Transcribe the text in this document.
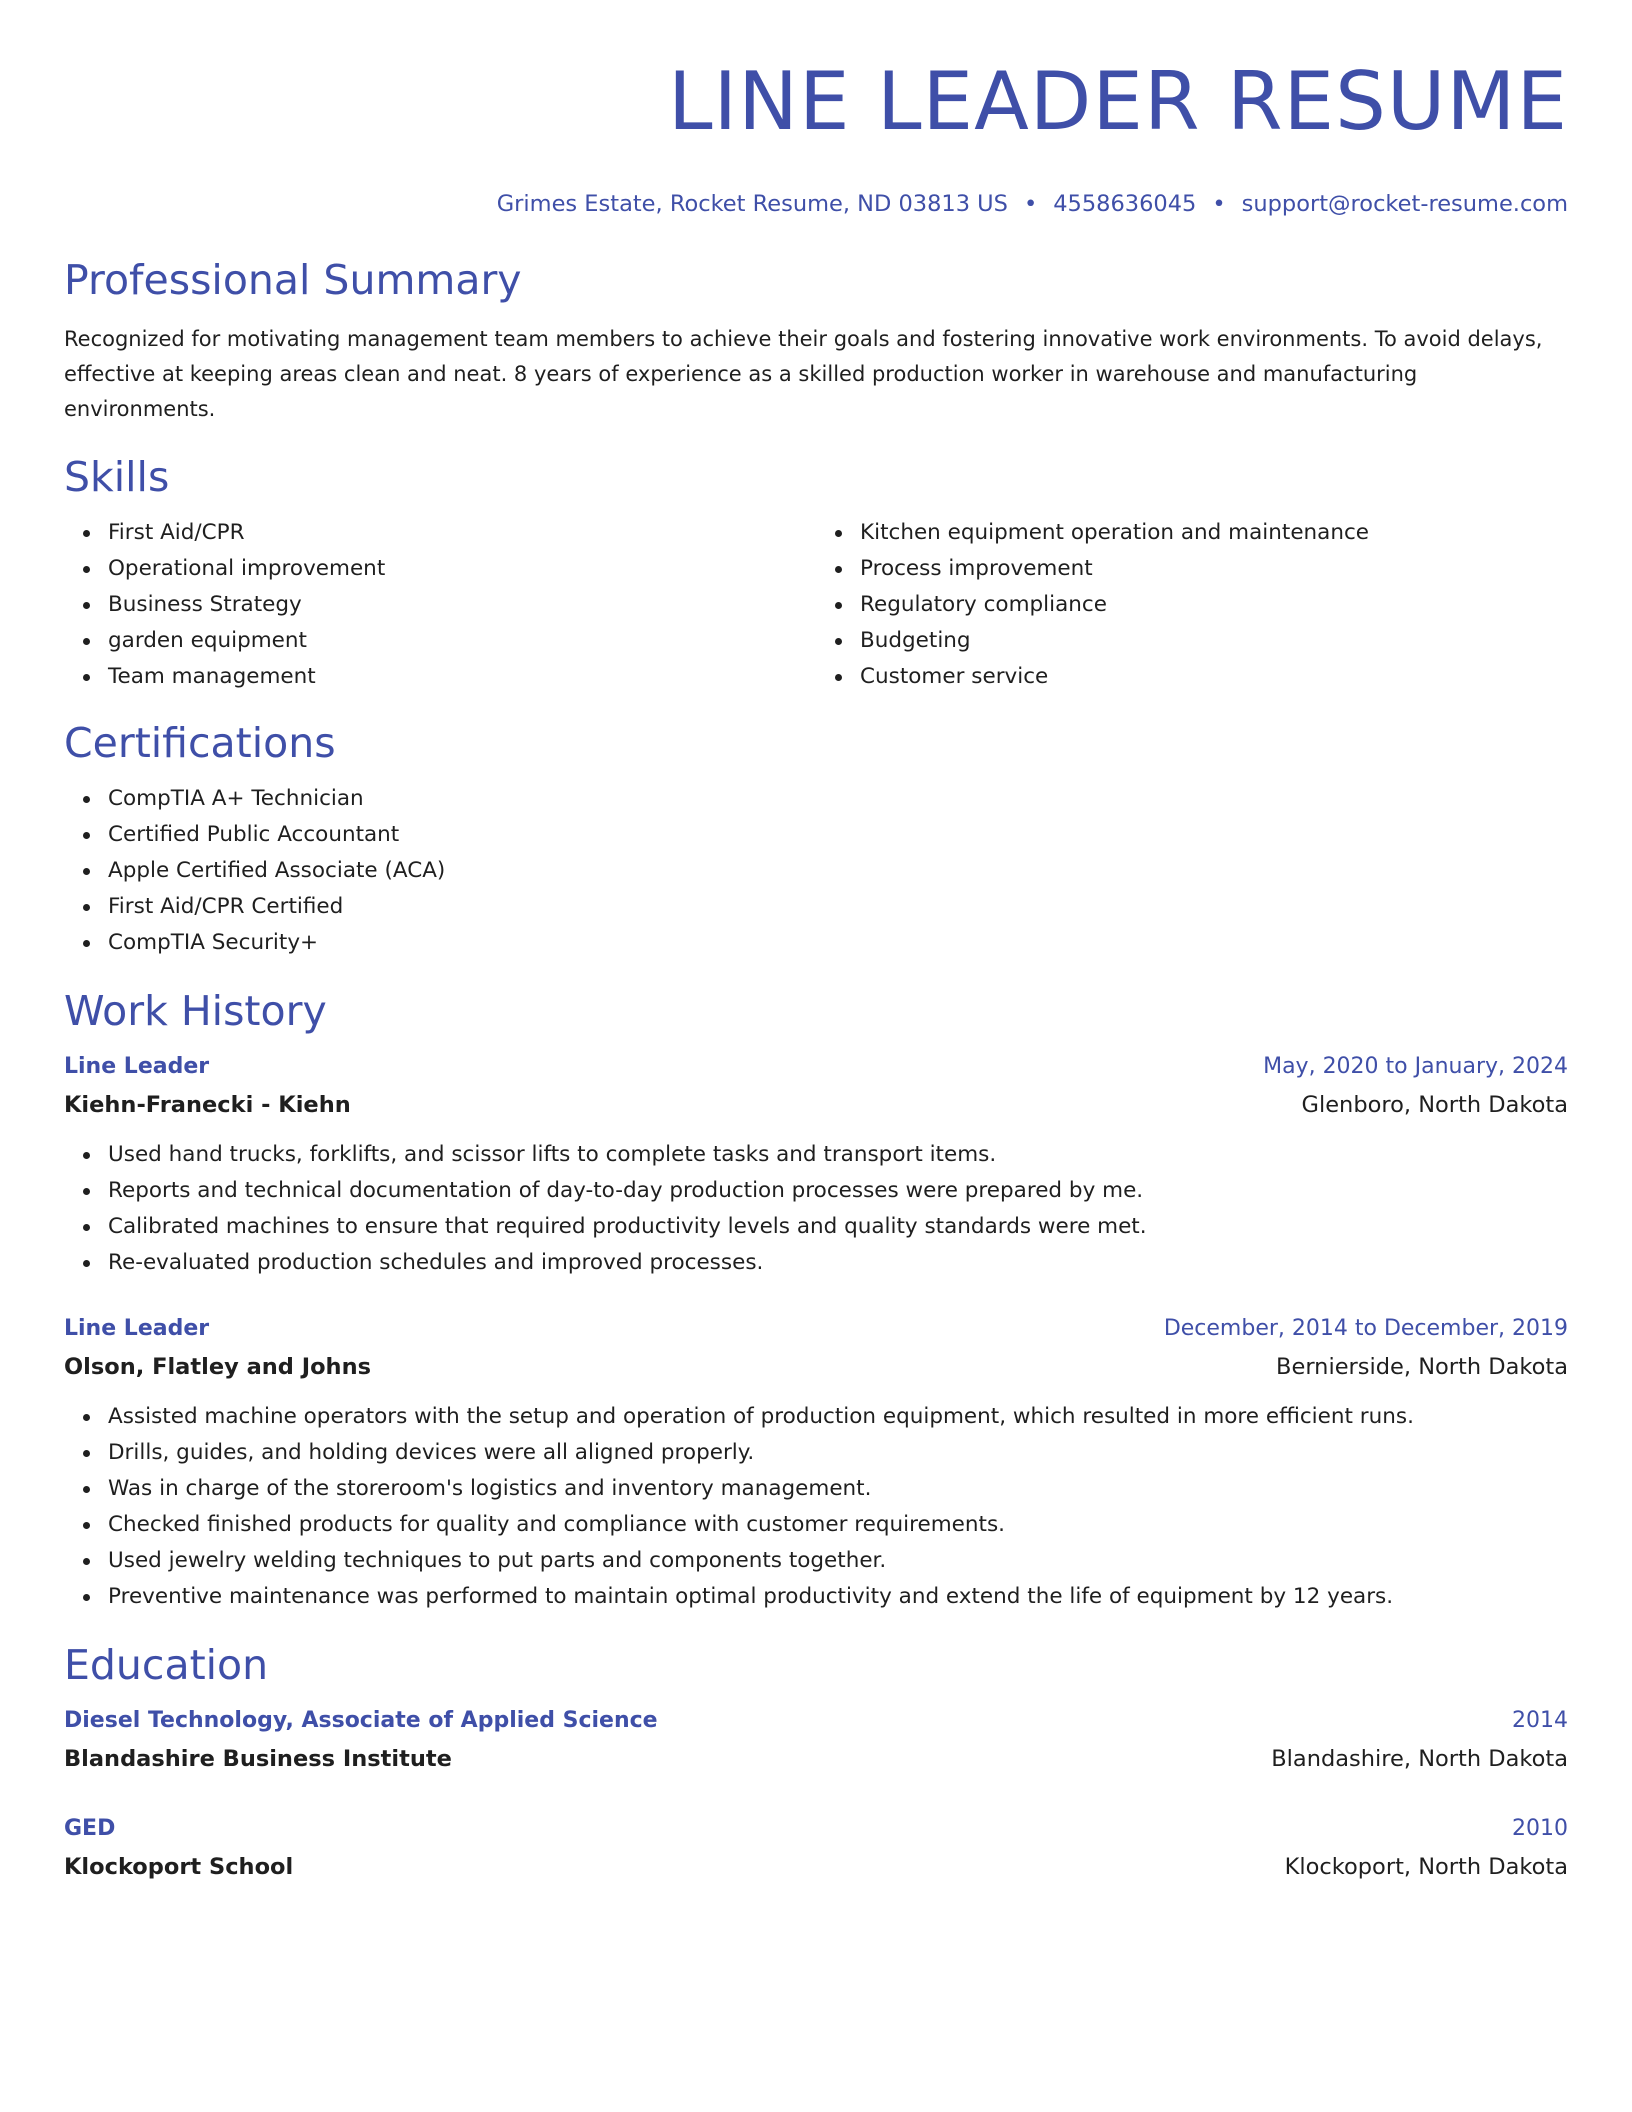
LINE LEADER RESUME
Grimes Estate, Rocket Resume, ND 03813 US • 4558636045 • support@rocket-resume.com
Professional Summary

Recognized for motivating management team members to achieve their goals and fostering innovative work environments. To avoid delays, effective at keeping areas clean and neat. 8 years of experience as a skilled production worker in warehouse and manufacturing environments.

Skills
First Aid/CPR
Operational improvement
Business Strategy
garden equipment
Team management
Kitchen equipment operation and maintenance
Process improvement
Regulatory compliance
Budgeting
Customer service
Certifications
CompTIA A+ Technician
Certified Public Accountant
Apple Certified Associate (ACA)
First Aid/CPR Certified
CompTIA Security+
Work History
Line Leader	May, 2020 to January, 2024
Kiehn-Franecki - Kiehn	Glenboro, North Dakota
Used hand trucks, forklifts, and scissor lifts to complete tasks and transport items.
Reports and technical documentation of day-to-day production processes were prepared by me.
Calibrated machines to ensure that required productivity levels and quality standards were met.
Re-evaluated production schedules and improved processes.
Line Leader	December, 2014 to December, 2019
Olson, Flatley and Johns	Bernierside, North Dakota
Assisted machine operators with the setup and operation of production equipment, which resulted in more efficient runs.
Drills, guides, and holding devices were all aligned properly.
Was in charge of the storeroom's logistics and inventory management.
Checked finished products for quality and compliance with customer requirements.
Used jewelry welding techniques to put parts and components together.
Preventive maintenance was performed to maintain optimal productivity and extend the life of equipment by 12 years.
Education
Diesel Technology, Associate of Applied Science	2014
Blandashire Business Institute	Blandashire, North Dakota
GED	2010
Klockoport School	Klockoport, North Dakota
